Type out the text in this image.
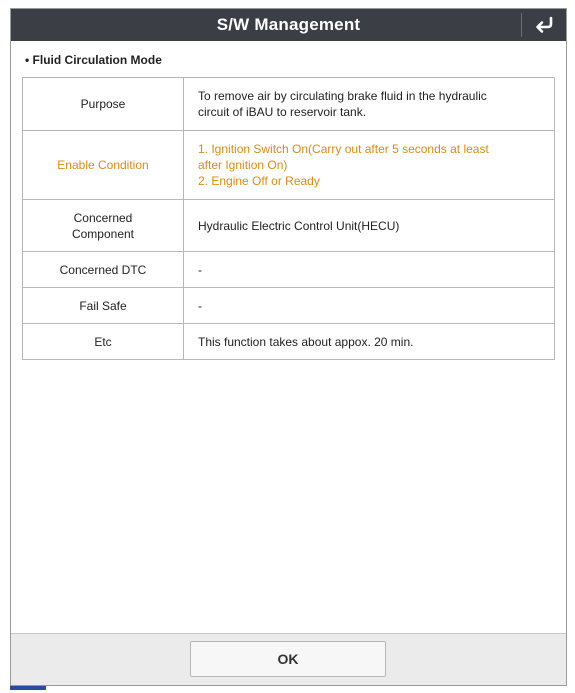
S/W Management
• Fluid Circulation Mode
Purpose	To remove air by circulating brake fluid in the hydraulic
circuit of iBAU to reservoir tank.
Enable Condition	1. Ignition Switch On(Carry out after 5 seconds at least
after Ignition On)
2. Engine Off or Ready
Concerned
Component	Hydraulic Electric Control Unit(HECU)
Concerned DTC	-
Fail Safe	-
Etc	This function takes about appox. 20 min.
OK
